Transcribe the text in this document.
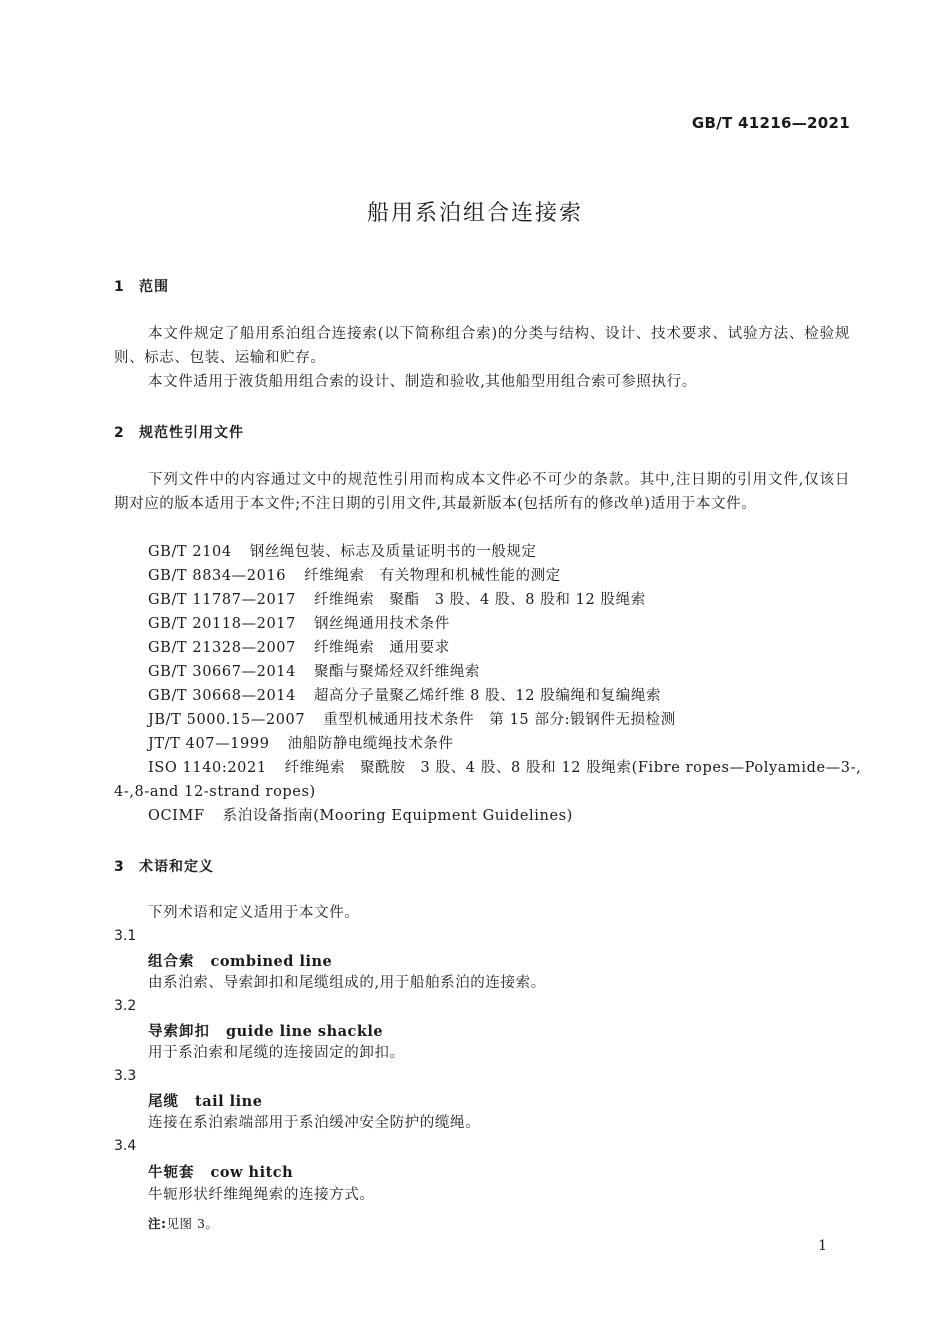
GB/T 41216—2021
船用系泊组合连接索
1 范围
本文件规定了船用系泊组合连接索(以下简称组合索)的分类与结构、设计、技术要求、试验方法、检验规则、标志、包装、运输和贮存。
本文件适用于液货船用组合索的设计、制造和验收,其他船型用组合索可参照执行。
2 规范性引用文件
下列文件中的内容通过文中的规范性引用而构成本文件必不可少的条款。其中,注日期的引用文件,仅该日期对应的版本适用于本文件;不注日期的引用文件,其最新版本(包括所有的修改单)适用于本文件。
GB/T 2104 钢丝绳包装、标志及质量证明书的一般规定
GB/T 8834—2016 纤维绳索　有关物理和机械性能的测定
GB/T 11787—2017 纤维绳索　聚酯　3 股、4 股、8 股和 12 股绳索
GB/T 20118—2017 钢丝绳通用技术条件
GB/T 21328—2007 纤维绳索　通用要求
GB/T 30667—2014 聚酯与聚烯烃双纤维绳索
GB/T 30668—2014 超高分子量聚乙烯纤维 8 股、12 股编绳和复编绳索
JB/T 5000.15—2007 重型机械通用技术条件　第 15 部分:锻钢件无损检测
JT/T 407—1999 油船防静电缆绳技术条件
ISO 1140:2021 纤维绳索　聚酰胺　3 股、4 股、8 股和 12 股绳索(Fibre ropes—Polyamide—3-,
4-,8-and 12-strand ropes)
OCIMF 系泊设备指南(Mooring Equipment Guidelines)
3 术语和定义
下列术语和定义适用于本文件。
3.1
组合索 combined line
由系泊索、导索卸扣和尾缆组成的,用于船舶系泊的连接索。
3.2
导索卸扣 guide line shackle
用于系泊索和尾缆的连接固定的卸扣。
3.3
尾缆 tail line
连接在系泊索端部用于系泊缓冲安全防护的缆绳。
3.4
牛轭套 cow hitch
牛轭形状纤维绳绳索的连接方式。
注:见图 3。
1
